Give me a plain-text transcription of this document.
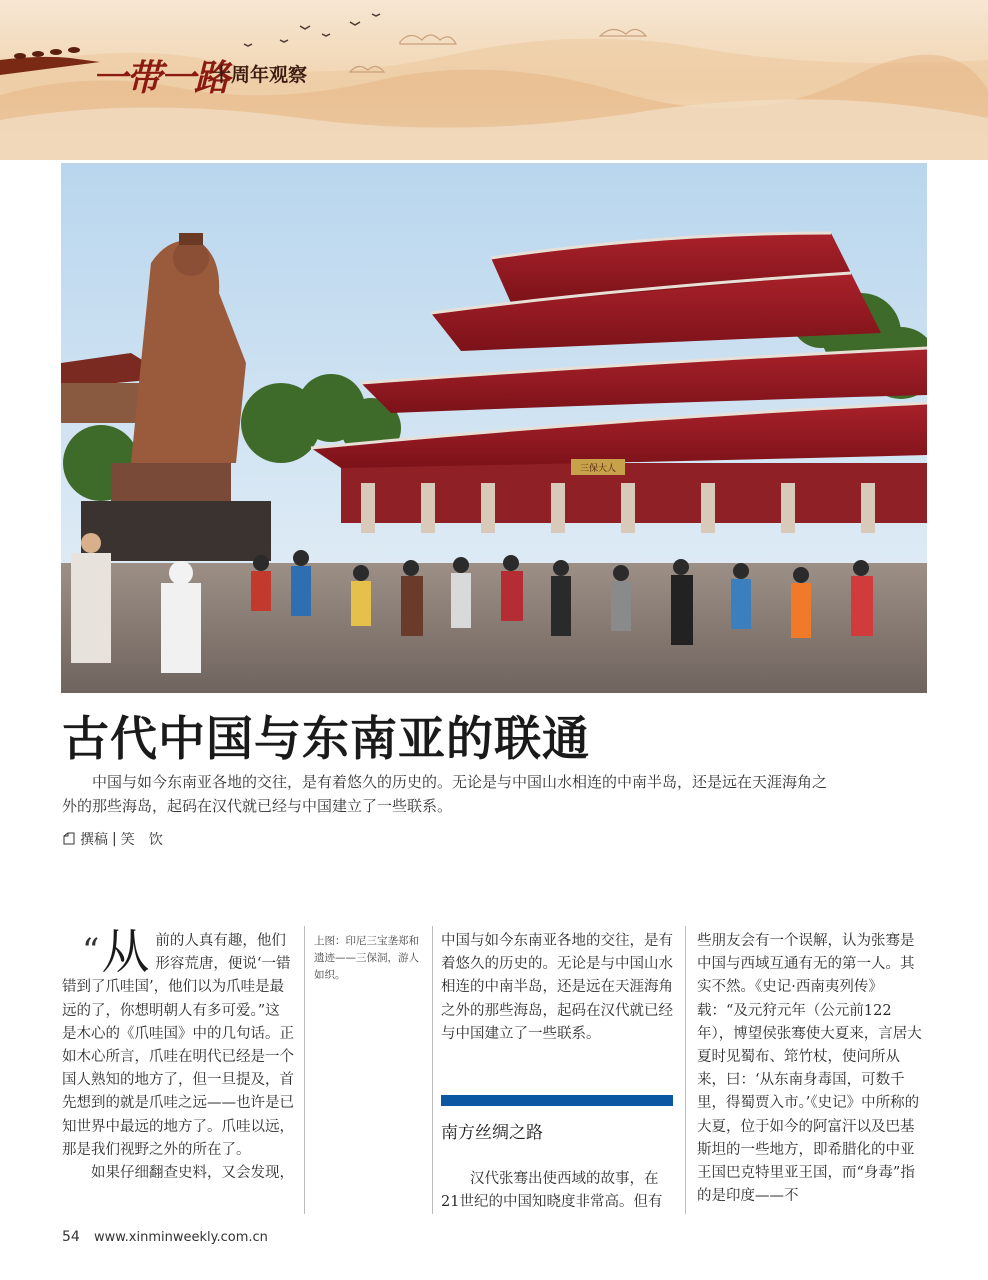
一带一路
十周年观察
三保大人
古代中国与东南亚的联通
中国与如今东南亚各地的交往，是有着悠久的历史的。无论是与中国山水相连的中南半岛，还是远在天涯海角之外的那些海岛，起码在汉代就已经与中国建立了一些联系。
撰稿 | 笑　饮
“ 从 前的人真有趣，他们形容荒唐，便说‘一错错到了爪哇国’，他们以为爪哇是最远的了，你想明朝人有多可爱。”这是木心的《爪哇国》中的几句话。正如木心所言，爪哇在明代已经是一个国人熟知的地方了，但一旦提及，首先想到的就是爪哇之远——也许是已知世界中最远的地方了。爪哇以远，那是我们视野之外的所在了。
如果仔细翻查史料，又会发现，
上图：印尼三宝垄郑和遗迹——三保洞，游人如织。
中国与如今东南亚各地的交往，是有着悠久的历史的。无论是与中国山水相连的中南半岛，还是远在天涯海角之外的那些海岛，起码在汉代就已经与中国建立了一些联系。
南方丝绸之路
汉代张骞出使西域的故事，在21世纪的中国知晓度非常高。但有
些朋友会有一个误解，认为张骞是中国与西域互通有无的第一人。其实不然。《史记·西南夷列传》载：“及元狩元年（公元前122年），博望侯张骞使大夏来，言居大夏时见蜀布、筇竹杖，使问所从来，曰：‘从东南身毒国，可数千里，得蜀贾入市。’《史记》中所称的大夏，位于如今的阿富汗以及巴基斯坦的一些地方，即希腊化的中亚王国巴克特里亚王国，而“身毒”指的是印度——不
54 www.xinminweekly.com.cn
